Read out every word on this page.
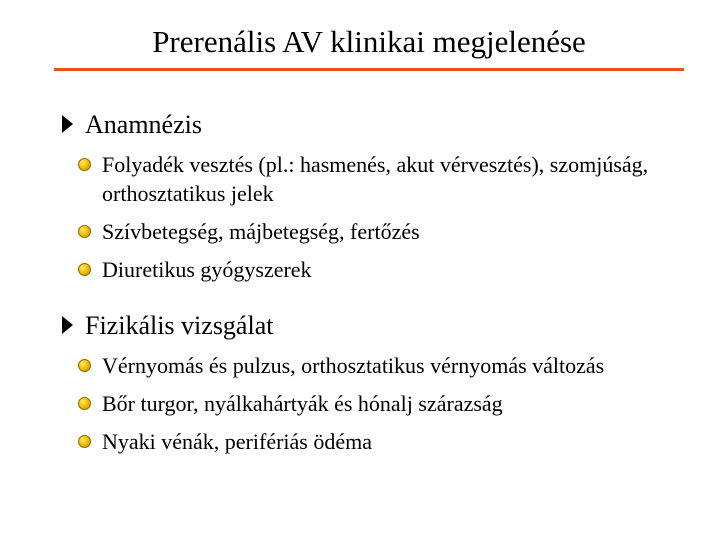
Prerenális AV klinikai megjelenése
Anamnézis
Folyadék vesztés (pl.: hasmenés, akut vérvesztés), szomjúság, orthosztatikus jelek
Szívbetegség, májbetegség, fertőzés
Diuretikus gyógyszerek
Fizikális vizsgálat
Vérnyomás és pulzus, orthosztatikus vérnyomás változás
Bőr turgor, nyálkahártyák és hónalj szárazság
Nyaki vénák, perifériás ödéma
